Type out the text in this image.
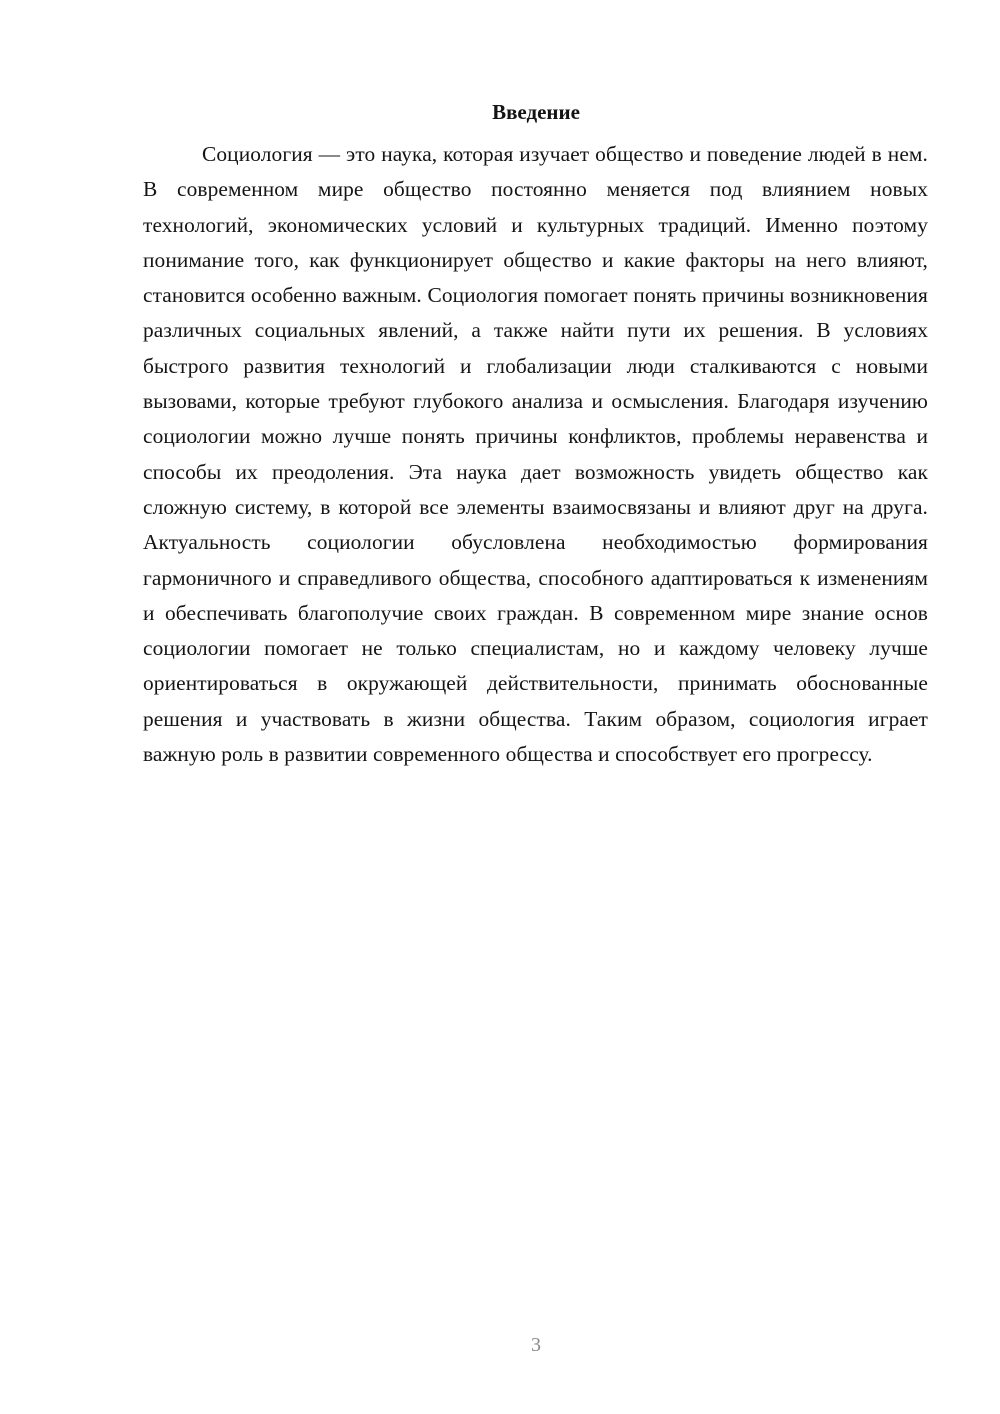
Введение

Социология — это наука, которая изучает общество и поведение людей в нем. В современном мире общество постоянно меняется под влиянием новых технологий, экономических условий и культурных традиций. Именно поэтому понимание того, как функционирует общество и какие факторы на него влияют, становится особенно важным. Социология помогает понять причины возникновения различных социальных явлений, а также найти пути их решения. В условиях быстрого развития технологий и глобализации люди сталкиваются с новыми вызовами, которые требуют глубокого анализа и осмысления. Благодаря изучению социологии можно лучше понять причины конфликтов, проблемы неравенства и способы их преодоления. Эта наука дает возможность увидеть общество как сложную систему, в которой все элементы взаимосвязаны и влияют друг на друга. Актуальность социологии обусловлена необходимостью формирования гармоничного и справедливого общества, способного адаптироваться к изменениям и обеспечивать благополучие своих граждан. В современном мире знание основ социологии помогает не только специалистам, но и каждому человеку лучше ориентироваться в окружающей действительности, принимать обоснованные решения и участвовать в жизни общества. Таким образом, социология играет важную роль в развитии современного общества и способствует его прогрессу.

3
